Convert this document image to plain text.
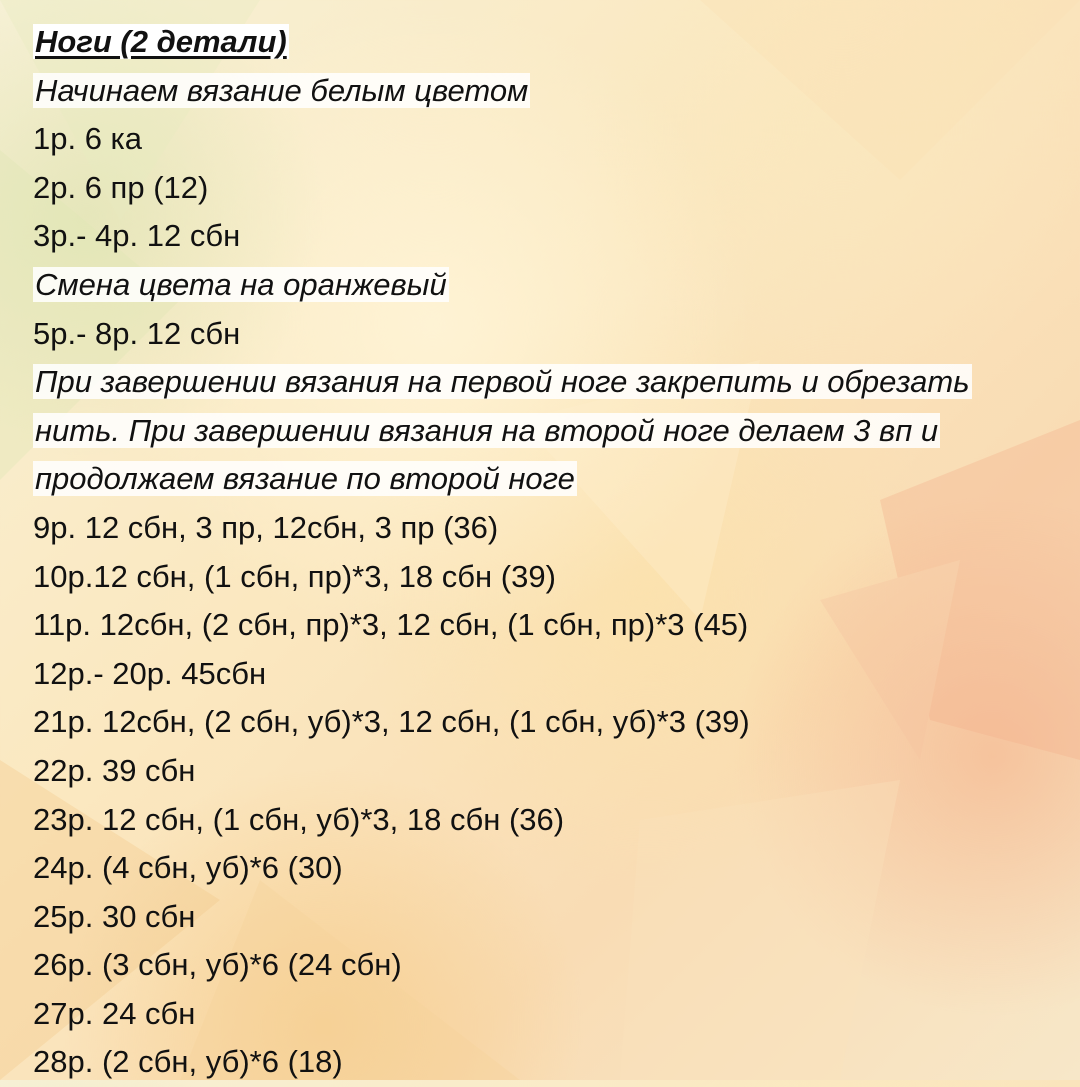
Ноги (2 детали)
Начинаем вязание белым цветом
1р. 6 ка
2р. 6 пр (12)
3р.- 4р. 12 сбн
Смена цвета на оранжевый
5р.- 8р. 12 сбн
При завершении вязания на первой ноге закрепить и обрезать
нить. При завершении вязания на второй ноге делаем 3 вп и
продолжаем вязание по второй ноге
9р. 12 сбн, 3 пр, 12сбн, 3 пр (36)
10р.12 сбн, (1 сбн, пр)*3, 18 сбн (39)
11р. 12сбн, (2 сбн, пр)*3, 12 сбн, (1 сбн, пр)*3 (45)
12р.- 20р. 45сбн
21р. 12сбн, (2 сбн, уб)*3, 12 сбн, (1 сбн, уб)*3 (39)
22р. 39 сбн
23р. 12 сбн, (1 сбн, уб)*3, 18 сбн (36)
24р. (4 сбн, уб)*6 (30)
25р. 30 сбн
26р. (3 сбн, уб)*6 (24 сбн)
27р. 24 сбн
28р. (2 сбн, уб)*6 (18)
